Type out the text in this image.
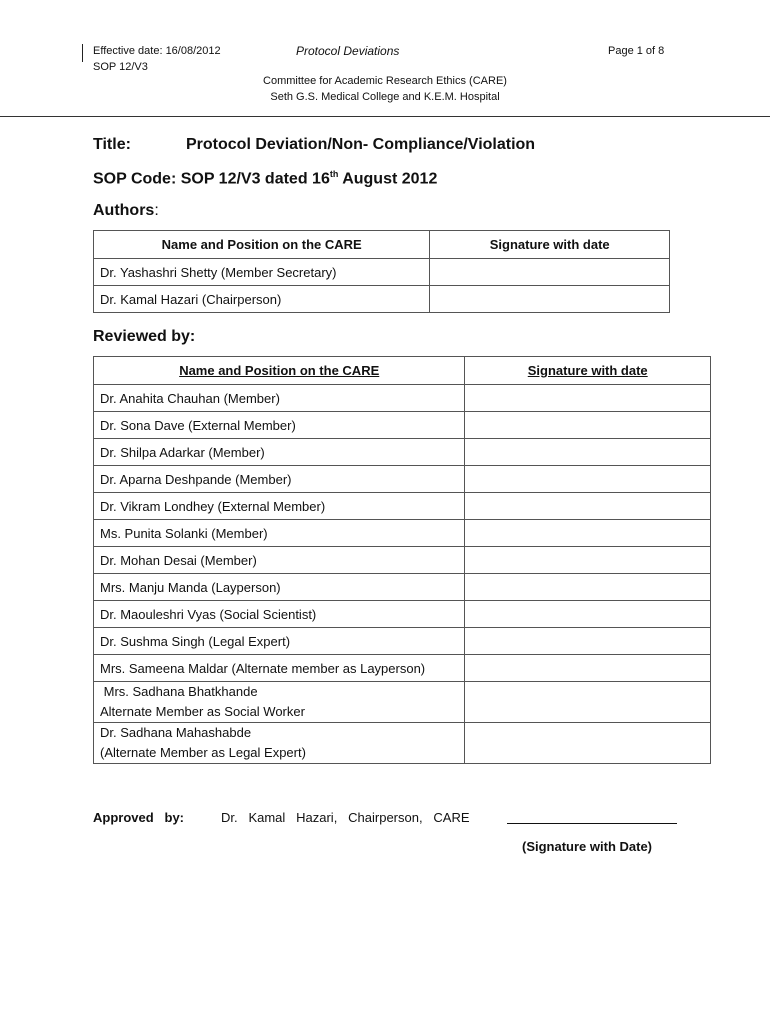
Effective date: 16/08/2012
SOP 12/V3
Protocol Deviations	Page 1 of 8
Committee for Academic Research Ethics (CARE)
Seth G.S. Medical College and K.E.M. Hospital
Title:	Protocol Deviation/Non- Compliance/Violation
SOP Code: SOP 12/V3 dated 16th August 2012
Authors:
Name and Position on the CARE	Signature with date
Dr. Yashashri Shetty (Member Secretary)	
Dr. Kamal Hazari (Chairperson)	
Reviewed by:
Name and Position on the CARE	Signature with date
Dr. Anahita Chauhan (Member)	
Dr. Sona Dave (External Member)	
Dr. Shilpa Adarkar (Member)	
Dr. Aparna Deshpande (Member)	
Dr. Vikram Londhey (External Member)	
Ms. Punita Solanki (Member)	
Dr. Mohan Desai (Member)	
Mrs. Manju Manda (Layperson)	
Dr. Maouleshri Vyas (Social Scientist)	
Dr. Sushma Singh (Legal Expert)	
Mrs. Sameena Maldar (Alternate member as Layperson)	

Mrs. Sadhana Bhatkhande
Alternate Member as Social Worker	

Dr. Sadhana Mahashabde
(Alternate Member as Legal Expert)	

Approved   by:	Dr.   Kamal   Hazari,   Chairperson,   CARE
(Signature with Date)
